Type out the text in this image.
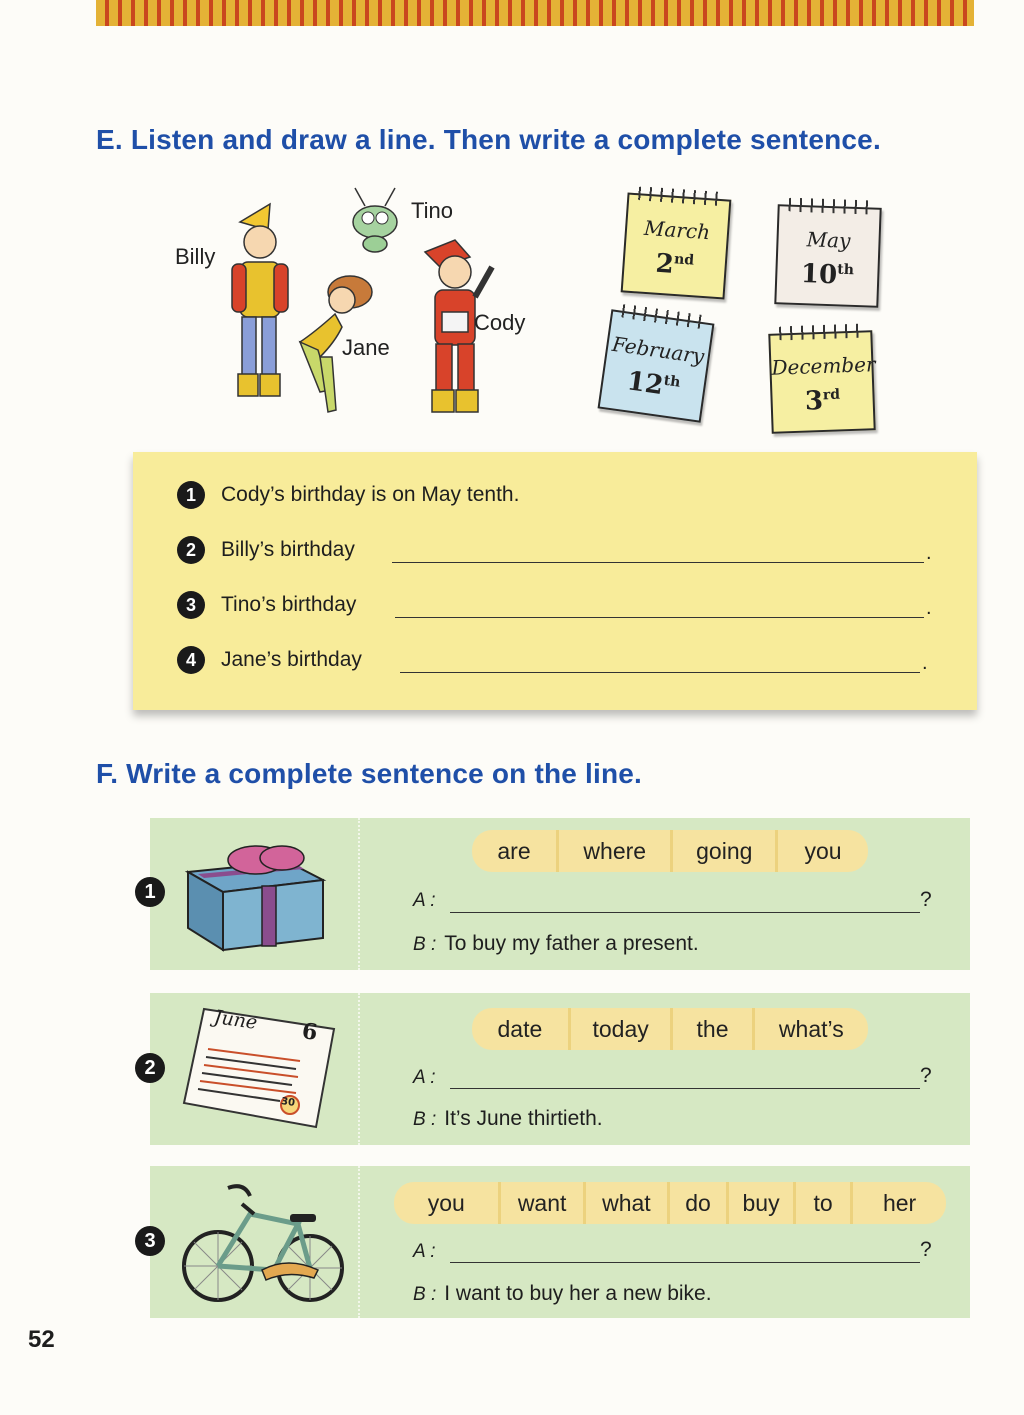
E. Listen and draw a line. Then write a complete sentence.
Billy
Tino
Jane
Cody
March
2nd
May
10th
February
12th
December
3rd
1	Cody’s birthday is on May tenth.
2	Billy’s birthday	.
3	Tino’s birthday	.
4	Jane’s birthday	.
F. Write a complete sentence on the line.
1
are	where	going	you
A :	?
B : To buy my father a present.
June 6
30
2
date	today	the	what’s
A :	?
B : It’s June thirtieth.
3
you	want	what	do	buy	to	her
A :	?
B : I want to buy her a new bike.
52
